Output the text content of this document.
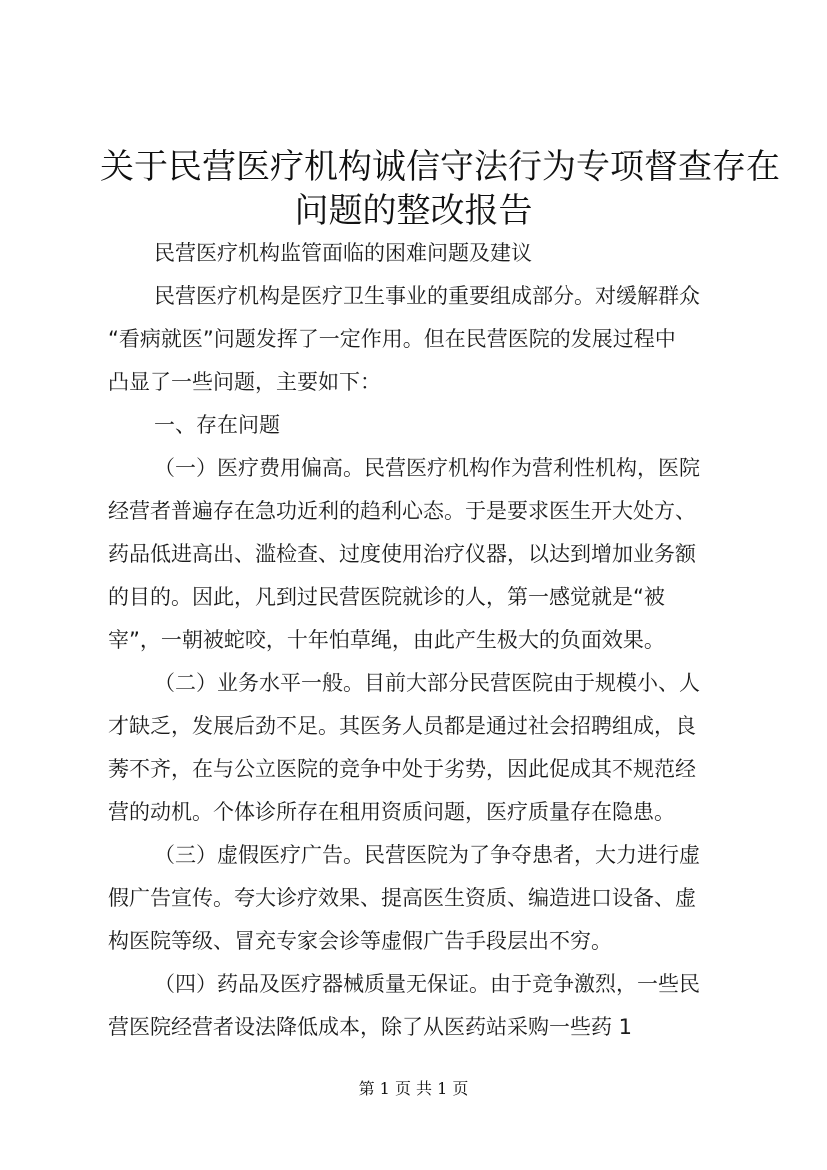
关于民营医疗机构诚信守法行为专项督查存在
问题的整改报告
民营医疗机构监管面临的困难问题及建议
民营医疗机构是医疗卫生事业的重要组成部分。对缓解群众
“看病就医”问题发挥了一定作用。但在民营医院的发展过程中
凸显了一些问题，主要如下：
一、存在问题
（一）医疗费用偏高。民营医疗机构作为营利性机构，医院
经营者普遍存在急功近利的趋利心态。于是要求医生开大处方、
药品低进高出、滥检查、过度使用治疗仪器，以达到增加业务额
的目的。因此，凡到过民营医院就诊的人，第一感觉就是“被
宰”，一朝被蛇咬，十年怕草绳，由此产生极大的负面效果。
（二）业务水平一般。目前大部分民营医院由于规模小、人
才缺乏，发展后劲不足。其医务人员都是通过社会招聘组成，良
莠不齐，在与公立医院的竞争中处于劣势，因此促成其不规范经
营的动机。个体诊所存在租用资质问题，医疗质量存在隐患。
（三）虚假医疗广告。民营医院为了争夺患者，大力进行虚
假广告宣传。夸大诊疗效果、提高医生资质、编造进口设备、虚
构医院等级、冒充专家会诊等虚假广告手段层出不穷。
（四）药品及医疗器械质量无保证。由于竞争激烈，一些民
营医院经营者设法降低成本，除了从医药站采购一些药 1
第 1 页 共 1 页
